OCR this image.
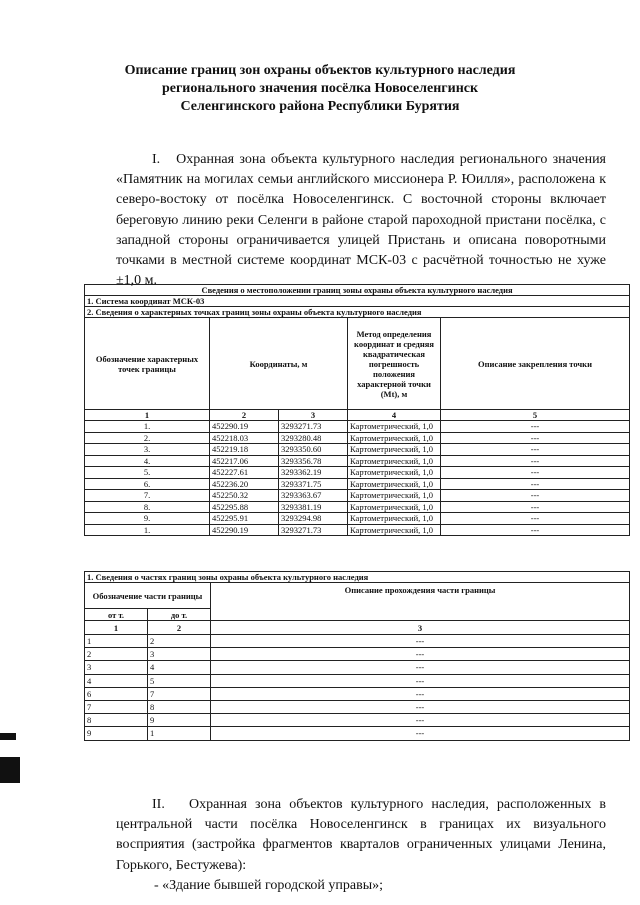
Описание границ зон охраны объектов культурного наследия
регионального значения посёлка Новоселенгинск
Селенгинского района Республики Бурятия
I. Охранная зона объекта культурного наследия регионального значения «Памятник на могилах семьи английского миссионера Р. Юилля», расположена к северо-востоку от посёлка Новоселенгинск. С восточной стороны включает береговую линию реки Селенги в районе старой пароходной пристани посёлка, с западной стороны ограничивается улицей Пристань и описана поворотными точками в местной системе координат МСК-03 с расчётной точностью не хуже ±1,0 м.
Сведения о местоположении границ зоны охраны объекта культурного наследия				
1. Система координат МСК-03				
2. Сведения о характерных точках границ зоны охраны объекта культурного наследия				
Обозначение характерных точек границы	Координаты, м		Метод определения координат и средняя квадратическая погрешность положения характерной точки (Mt), м	Описание закрепления точки
1	2	3	4	5
1.	452290.19	3293271.73	Картометрический, 1,0	---
2.	452218.03	3293280.48	Картометрический, 1,0	---
3.	452219.18	3293350.60	Картометрический, 1,0	---
4.	452217.06	3293356.78	Картометрический, 1,0	---
5.	452227.61	3293362.19	Картометрический, 1,0	---
6.	452236.20	3293371.75	Картометрический, 1,0	---
7.	452250.32	3293363.67	Картометрический, 1,0	---
8.	452295.88	3293381.19	Картометрический, 1,0	---
9.	452295.91	3293294.98	Картометрический, 1,0	---
1.	452290.19	3293271.73	Картометрический, 1,0	---
1. Сведения о частях границ зоны охраны объекта культурного наследия		
Обозначение части границы		Описание прохождения части границы
от т.	до т.	
1	2	3
1	2	---
2	3	---
3	4	---
4	5	---
6	7	---
7	8	---
8	9	---
9	1	---
II. Охранная зона объектов культурного наследия, расположенных в центральной части посёлка Новоселенгинск в границах их визуального восприятия (застройка фрагментов кварталов ограниченных улицами Ленина, Горького, Бестужева):
- «Здание бывшей городской управы»;
